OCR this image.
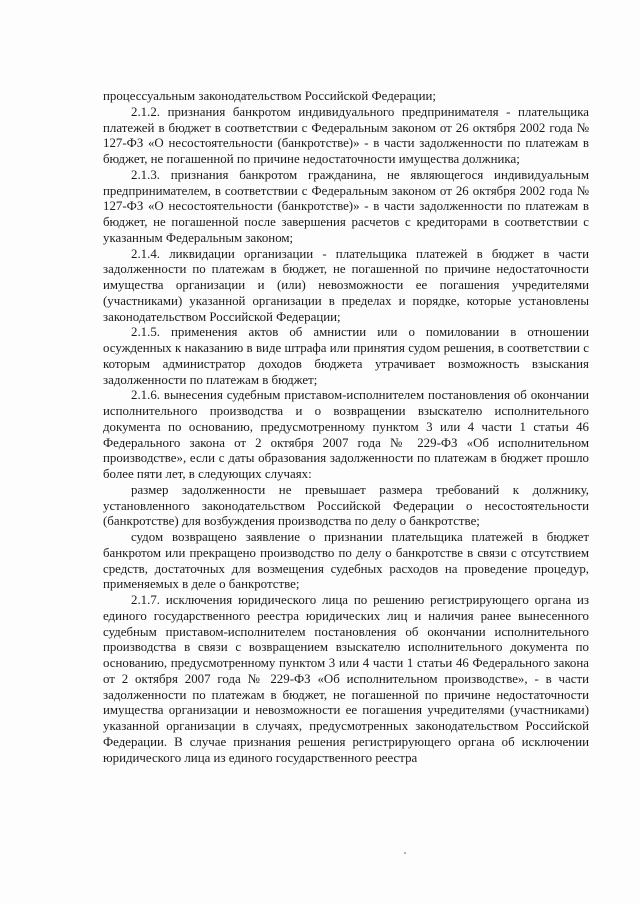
процессуальным законодательством Российской Федерации;

2.1.2. признания банкротом индивидуального предпринимателя - плательщика платежей в бюджет в соответствии с Федеральным законом от 26 октября 2002 года № 127-ФЗ «О несостоятельности (банкротстве)» - в части задолженности по платежам в бюджет, не погашенной по причине недостаточности имущества должника;

2.1.3. признания банкротом гражданина, не являющегося индивидуальным предпринимателем, в соответствии с Федеральным законом от 26 октября 2002 года № 127-ФЗ «О несостоятельности (банкротстве)» - в части задолженности по платежам в бюджет, не погашенной после завершения расчетов с кредиторами в соответствии с указанным Федеральным законом;

2.1.4. ликвидации организации - плательщика платежей в бюджет в части задолженности по платежам в бюджет, не погашенной по причине недостаточности имущества организации и (или) невозможности ее погашения учредителями (участниками) указанной организации в пределах и порядке, которые установлены законодательством Российской Федерации;

2.1.5. применения актов об амнистии или о помиловании в отношении осужденных к наказанию в виде штрафа или принятия судом решения, в соответствии с которым администратор доходов бюджета утрачивает возможность взыскания задолженности по платежам в бюджет;

2.1.6. вынесения судебным приставом-исполнителем постановления об окончании исполнительного производства и о возвращении взыскателю исполнительного документа по основанию, предусмотренному пунктом 3 или 4 части 1 статьи 46 Федерального закона от 2 октября 2007 года № 229-ФЗ «Об исполнительном производстве», если с даты образования задолженности по платежам в бюджет прошло более пяти лет, в следующих случаях:

размер задолженности не превышает размера требований к должнику, установленного законодательством Российской Федерации о несостоятельности (банкротстве) для возбуждения производства по делу о банкротстве;

судом возвращено заявление о признании плательщика платежей в бюджет банкротом или прекращено производство по делу о банкротстве в связи с отсутствием средств, достаточных для возмещения судебных расходов на проведение процедур, применяемых в деле о банкротстве;

2.1.7. исключения юридического лица по решению регистрирующего органа из единого государственного реестра юридических лиц и наличия ранее вынесенного судебным приставом-исполнителем постановления об окончании исполнительного производства в связи с возвращением взыскателю исполнительного документа по основанию, предусмотренному пунктом 3 или 4 части 1 статьи 46 Федерального закона от 2 октября 2007 года № 229-ФЗ «Об исполнительном производстве», - в части задолженности по платежам в бюджет, не погашенной по причине недостаточности имущества организации и невозможности ее погашения учредителями (участниками) указанной организации в случаях, предусмотренных законодательством Российской Федерации. В случае признания решения регистрирующего органа об исключении юридического лица из единого государственного реестра
